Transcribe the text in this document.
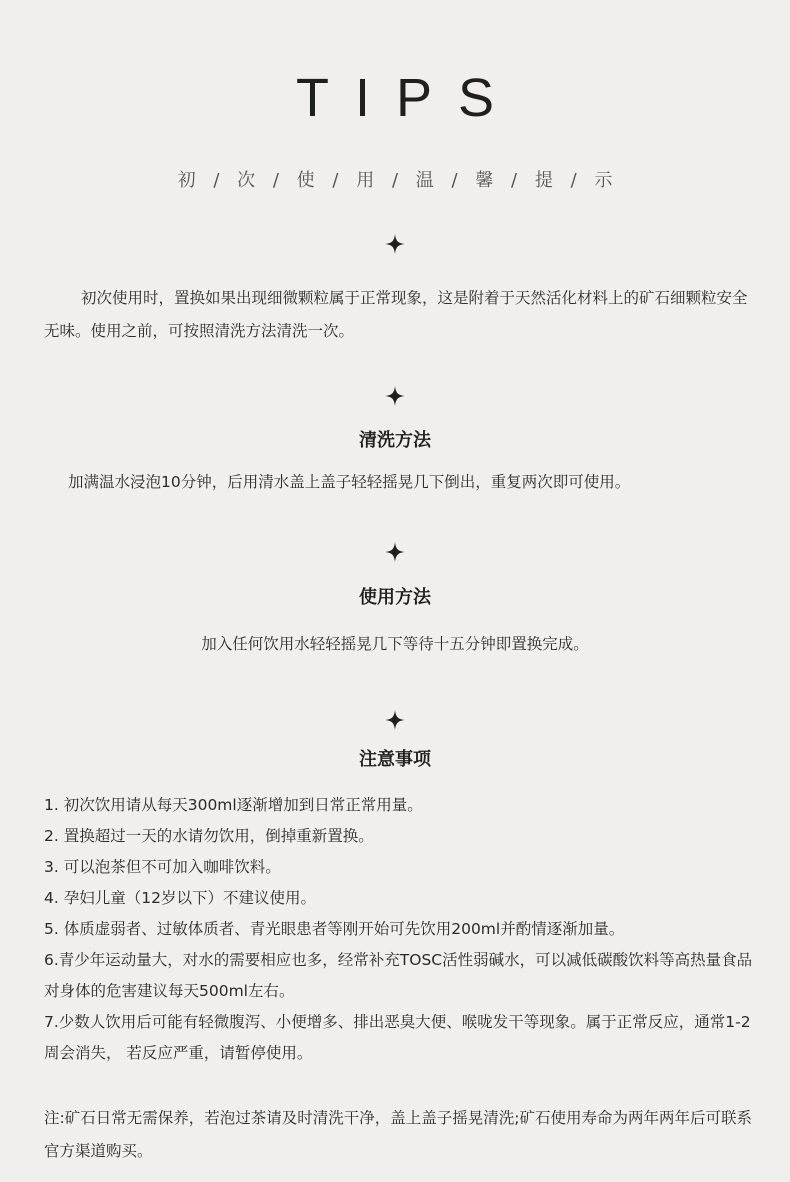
TIPS
初 / 次 / 使 / 用 / 温 / 馨 / 提 / 示
初次使用时，置换如果出现细微颗粒属于正常现象，这是附着于天然活化材料上的矿石细颗粒安全无味。使用之前，可按照清洗方法清洗一次。
清洗方法
加满温水浸泡10分钟，后用清水盖上盖子轻轻摇晃几下倒出，重复两次即可使用。
使用方法
加入任何饮用水轻轻摇晃几下等待十五分钟即置换完成。
注意事项
1. 初次饮用请从每天300ml逐渐增加到日常正常用量。
2. 置换超过一天的水请勿饮用，倒掉重新置换。
3. 可以泡茶但不可加入咖啡饮料。
4. 孕妇儿童（12岁以下）不建议使用。
5. 体质虚弱者、过敏体质者、青光眼患者等刚开始可先饮用200ml并酌情逐渐加量。
6.青少年运动量大，对水的需要相应也多，经常补充TOSC活性弱碱水，可以减低碳酸饮料等高热量食品对身体的危害建议每天500ml左右。
7.少数人饮用后可能有轻微腹泻、小便增多、排出恶臭大便、喉咙发干等现象。属于正常反应，通常1-2周会消失， 若反应严重，请暂停使用。
注:矿石日常无需保养，若泡过茶请及时清洗干净，盖上盖子摇晃清洗;矿石使用寿命为两年两年后可联系官方渠道购买。
